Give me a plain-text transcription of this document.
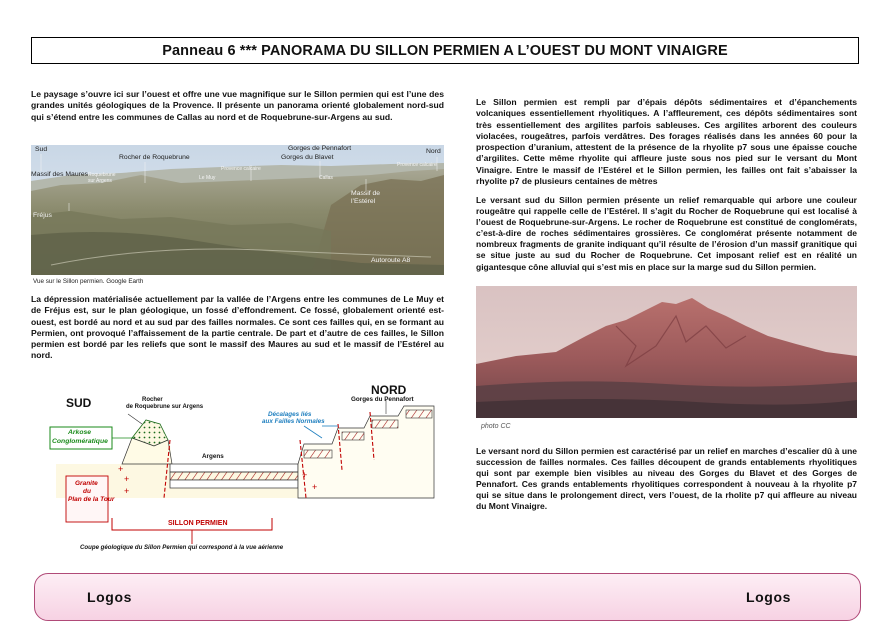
Panneau 6 *** PANORAMA DU SILLON PERMIEN A L’OUEST DU MONT VINAIGRE

Le paysage s’ouvre ici sur l’ouest et offre une vue magnifique sur le Sillon permien qui est l’une des grandes unités géologiques de la Provence. Il présente un panorama orienté globalement nord-sud qui s’étend entre les communes de Callas au nord et de Roquebrune-sur-Argens au sud.

Sud	Nord
Rocher de Roquebrune
Gorges de Pennafort
Gorges du Blavet
Massif des Maures
Fréjus
Massif de
l’Estérel
Autoroute A8
Provence calcaire
Provence calcaire
Roquebrune
sur Argens	Le Muy	Callas
Vue sur le Sillon permien. Google Earth

La dépression matérialisée actuellement par la vallée de l’Argens entre les communes de Le Muy et de Fréjus est, sur le plan géologique, un fossé d’effondrement. Ce fossé, globalement orienté est-ouest, est bordé au nord et au sud par des failles normales. Ce sont ces failles qui, en se formant au Permien, ont provoqué l’affaissement de la partie centrale. De part et d’autre de ces failles, le Sillon permien est bordé par les reliefs que sont le massif des Maures au sud et le massif de l’Estérel au nord.

+
+
+
+
+
SUD
NORD
Rocher
de Roquebrune sur Argens
Gorges du Pennafort
Décalages liés
aux Failles Normales
Arkose
Conglomératique
Argens
Granite
du
Plan de la Tour
SILLON PERMIEN
Coupe géologique du Sillon Permien qui correspond à la vue aérienne

Le Sillon permien est rempli par d’épais dépôts sédimentaires et d’épanchements volcaniques essentiellement rhyolitiques. A l’affleurement, ces dépôts sédimentaires sont très essentiellement des argilites parfois sableuses. Ces argilites arborent des couleurs violacées, rougeâtres, parfois verdâtres. Des forages réalisés dans les années 60 pour la prospection d’uranium, attestent de la présence de la rhyolite p7 sous une épaisse couche d’argilites. Cette même rhyolite qui affleure juste sous nos pied sur le versant du Mont Vinaigre. Entre le massif de l’Estérel et le Sillon permien, les failles ont fait s’abaisser la rhyolite p7 de plusieurs centaines de mètres

Le versant sud du Sillon permien présente un relief remarquable qui arbore une couleur rougeâtre qui rappelle celle de l’Estérel. Il s’agit du Rocher de Roquebrune qui est localisé à l’ouest de Roquebrune-sur-Argens. Le rocher de Roquebrune est constitué de conglomérats, c’est-à-dire de roches sédimentaires grossières. Ce conglomérat présente notamment de nombreux fragments de granite indiquant qu’il résulte de l’érosion d’un massif granitique qui se situe juste au sud du Rocher de Roquebrune. Cet imposant relief est en réalité un gigantesque cône alluvial qui s’est mis en place sur la marge sud du Sillon permien.

photo CC

Le versant nord du Sillon permien est caractérisé par un relief en marches d’escalier dû à une succession de failles normales. Ces failles découpent de grands entablements rhyolitiques qui sont par exemple bien visibles au niveau des Gorges du Blavet et des Gorges de Pennafort. Ces grands entablements rhyolitiques correspondent à nouveau à la rhyolite p7 qui se situe dans le prolongement direct, vers l’ouest, de la rholite p7 qui affleure au niveau du Mont Vinaigre.

Logos	Logos
